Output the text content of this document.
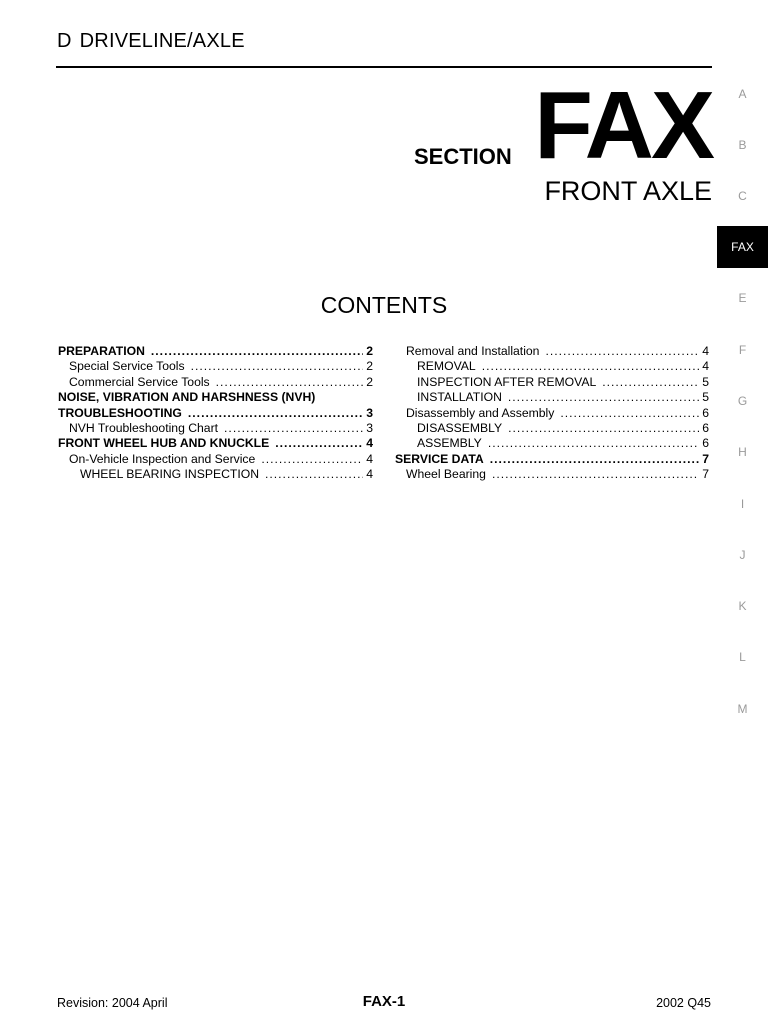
D DRIVELINE/AXLE
SECTION FAX
FRONT AXLE
CONTENTS
PREPARATION .....	2
Special Service Tools .....	2
Commercial Service Tools .....	2
NOISE, VIBRATION AND HARSHNESS (NVH)
TROUBLESHOOTING .....	3
NVH Troubleshooting Chart .....	3
FRONT WHEEL HUB AND KNUCKLE .....	4
On-Vehicle Inspection and Service .....	4
WHEEL BEARING INSPECTION .....	4
Removal and Installation .....	4
REMOVAL .....	4
INSPECTION AFTER REMOVAL .....	5
INSTALLATION .....	5
Disassembly and Assembly .....	6
DISASSEMBLY .....	6
ASSEMBLY .....	6
SERVICE DATA .....	7
Wheel Bearing .....	7
A
B
C
FAX
E
F
G
H
I
J
K
L
M
Revision: 2004 April	FAX-1	2002 Q45
